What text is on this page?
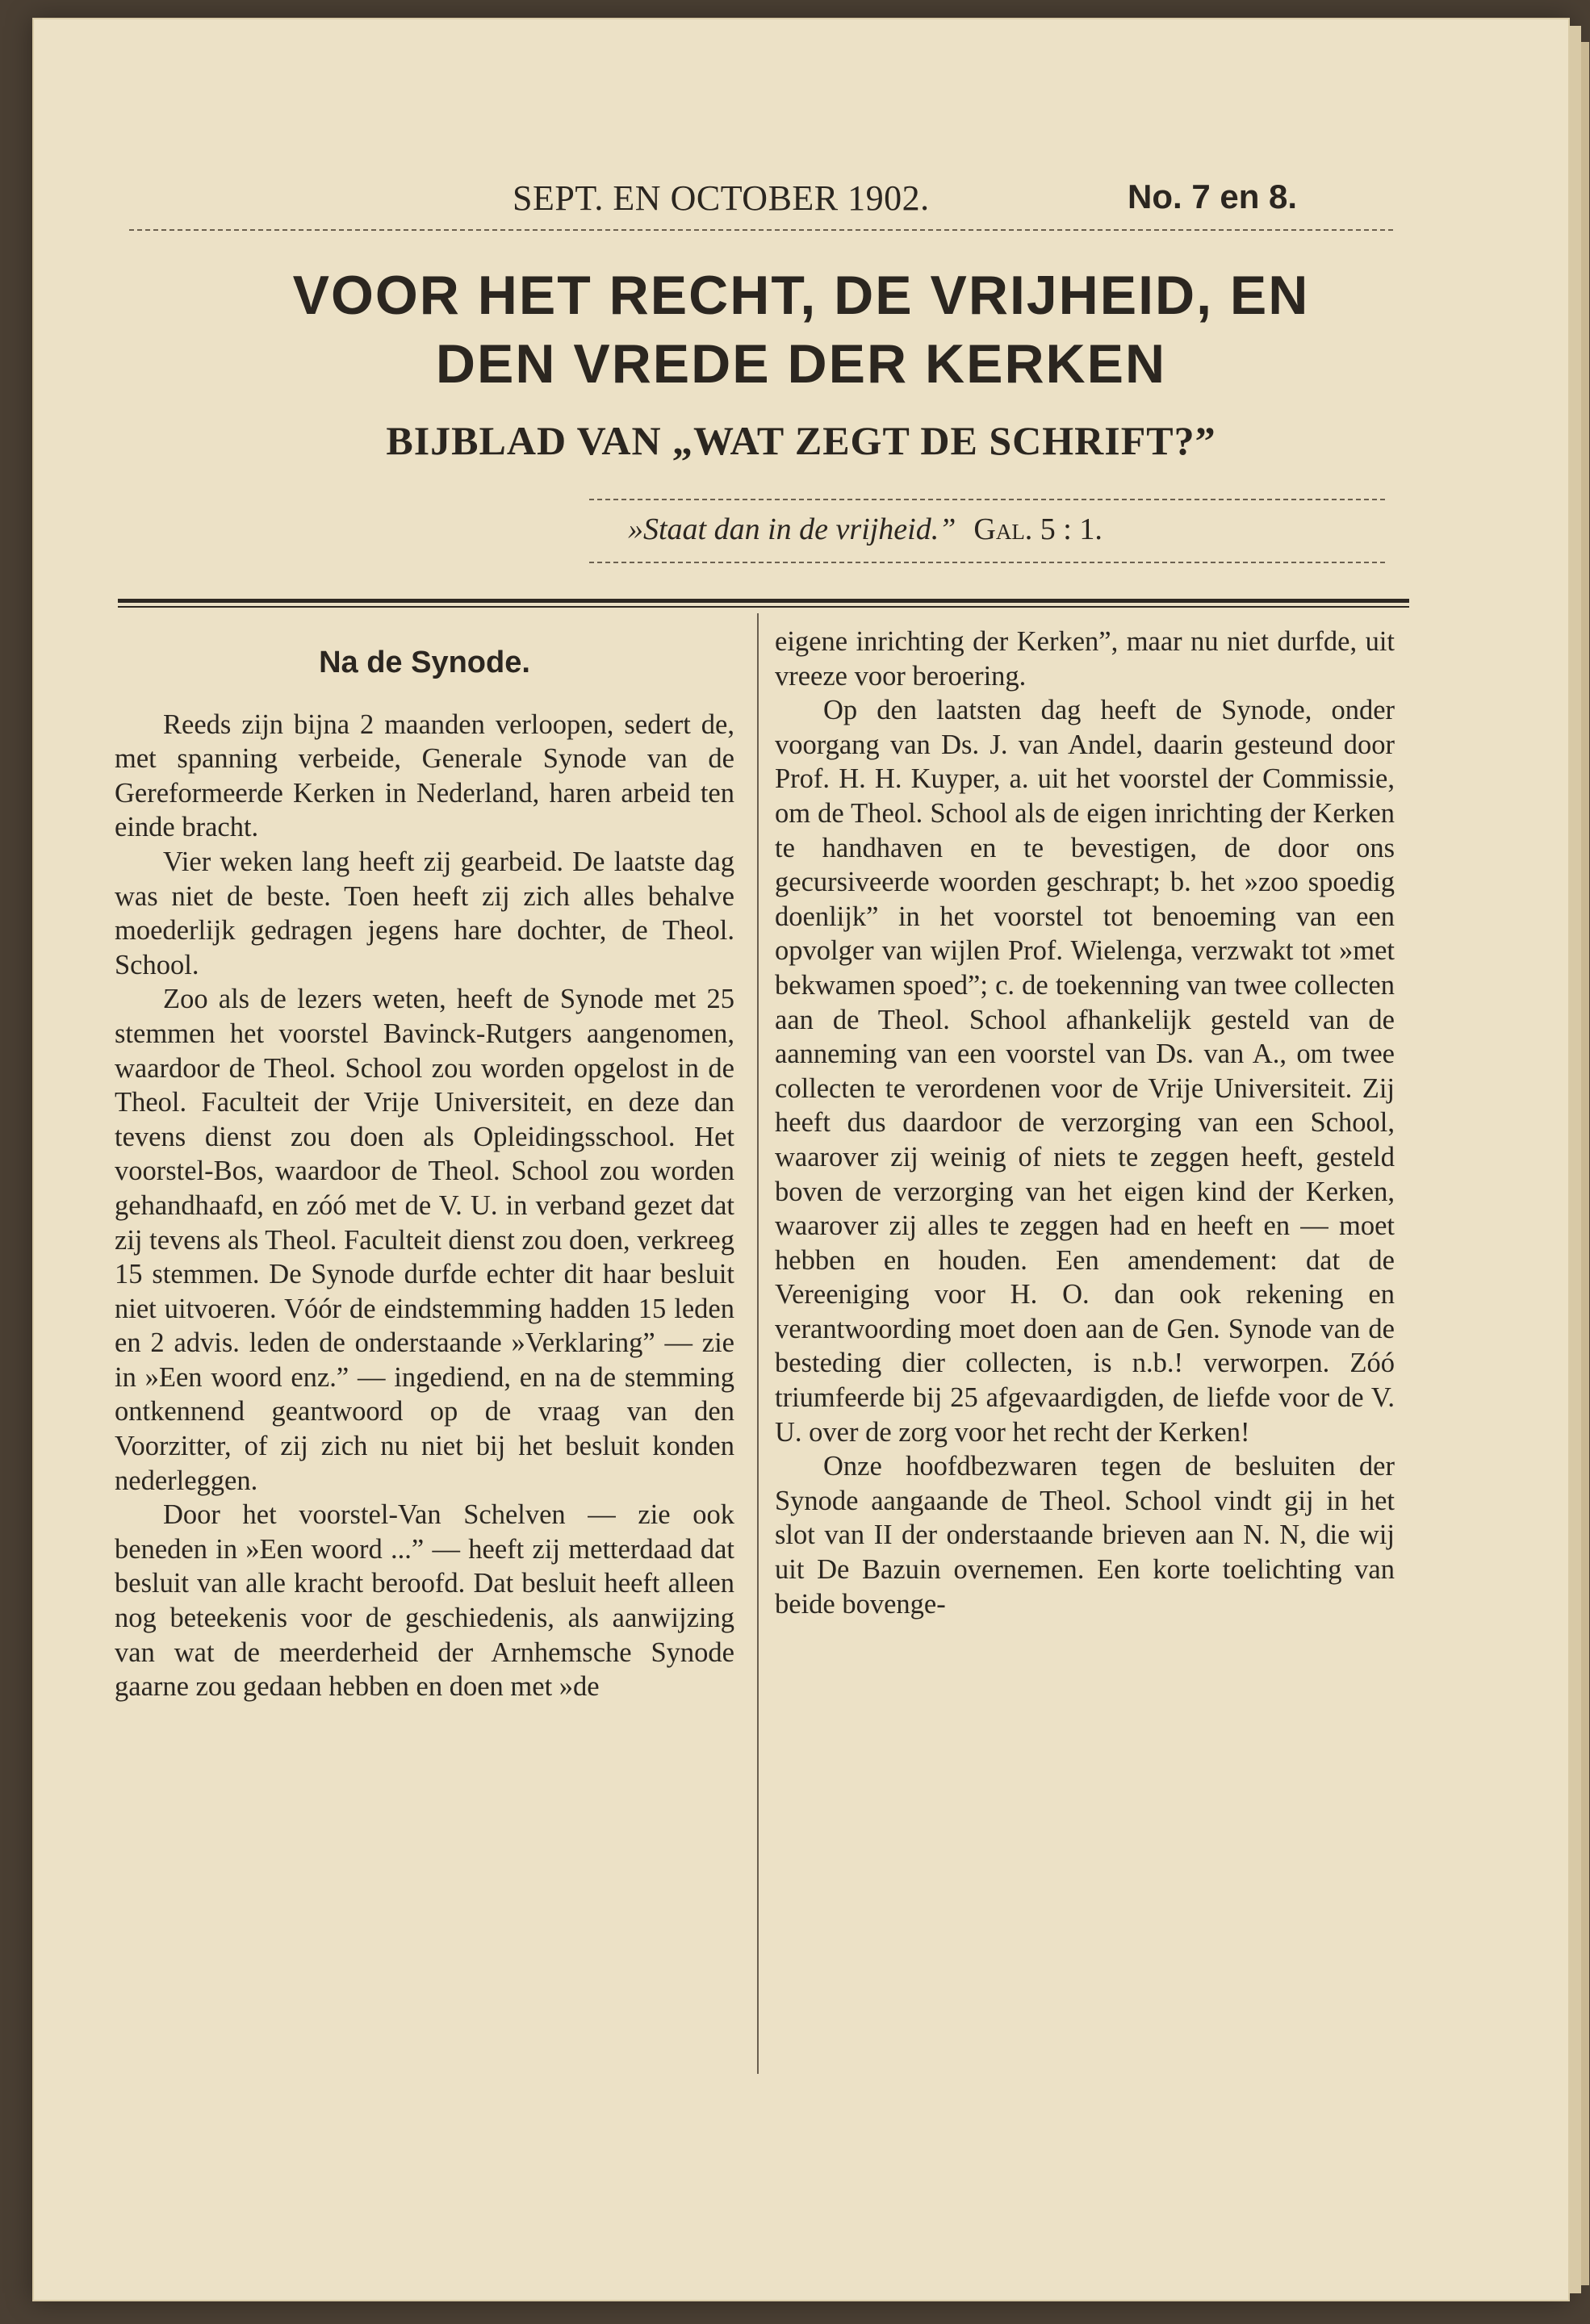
SEPT. EN OCTOBER 1902.	No. 7 en 8.
VOOR HET RECHT, DE VRIJHEID, EN
DEN VREDE DER KERKEN
BIJBLAD VAN „WAT ZEGT DE SCHRIFT?”
»Staat dan in de vrijheid.” Gal. 5 : 1.
Na de Synode.

Reeds zijn bijna 2 maanden verloopen, sedert de, met spanning verbeide, Generale Synode van de Gereformeerde Kerken in Nederland, haren arbeid ten einde bracht.

Vier weken lang heeft zij gearbeid. De laatste dag was niet de beste. Toen heeft zij zich alles behalve moederlijk gedragen jegens hare dochter, de Theol. School.

Zoo als de lezers weten, heeft de Synode met 25 stemmen het voorstel Bavinck-Rutgers aangenomen, waardoor de Theol. School zou worden opgelost in de Theol. Faculteit der Vrije Universiteit, en deze dan tevens dienst zou doen als Opleidingsschool. Het voorstel-Bos, waardoor de Theol. School zou worden gehandhaafd, en zóó met de V. U. in verband gezet dat zij tevens als Theol. Faculteit dienst zou doen, verkreeg 15 stemmen. De Synode durfde echter dit haar besluit niet uitvoeren. Vóór de eindstemming hadden 15 leden en 2 advis. leden de onderstaande »Verklaring” — zie in »Een woord enz.” — ingediend, en na de stemming ontkennend geantwoord op de vraag van den Voorzitter, of zij zich nu niet bij het besluit konden nederleggen.

Door het voorstel-Van Schelven — zie ook beneden in »Een woord ...” — heeft zij metterdaad dat besluit van alle kracht beroofd. Dat besluit heeft alleen nog beteekenis voor de geschiedenis, als aanwijzing van wat de meerderheid der Arnhemsche Synode gaarne zou gedaan hebben en doen met »de

eigene inrichting der Kerken”, maar nu niet durfde, uit vreeze voor beroering.

Op den laatsten dag heeft de Synode, onder voorgang van Ds. J. van Andel, daarin gesteund door Prof. H. H. Kuyper, a. uit het voorstel der Commissie, om de Theol. School als de eigen inrichting der Kerken te handhaven en te bevestigen, de door ons gecursiveerde woorden geschrapt; b. het »zoo spoedig doenlijk” in het voorstel tot benoeming van een opvolger van wijlen Prof. Wielenga, verzwakt tot »met bekwamen spoed”; c. de toekenning van twee collecten aan de Theol. School afhankelijk gesteld van de aanneming van een voorstel van Ds. van A., om twee collecten te verordenen voor de Vrije Universiteit. Zij heeft dus daardoor de verzorging van een School, waarover zij weinig of niets te zeggen heeft, gesteld boven de verzorging van het eigen kind der Kerken, waarover zij alles te zeggen had en heeft en — moet hebben en houden. Een amendement: dat de Vereeniging voor H. O. dan ook rekening en verantwoording moet doen aan de Gen. Synode van de besteding dier collecten, is n.b.! verworpen. Zóó triumfeerde bij 25 afgevaardigden, de liefde voor de V. U. over de zorg voor het recht der Kerken!

Onze hoofdbezwaren tegen de besluiten der Synode aangaande de Theol. School vindt gij in het slot van II der onderstaande brieven aan N. N, die wij uit De Bazuin overnemen. Een korte toelichting van beide bovenge-
